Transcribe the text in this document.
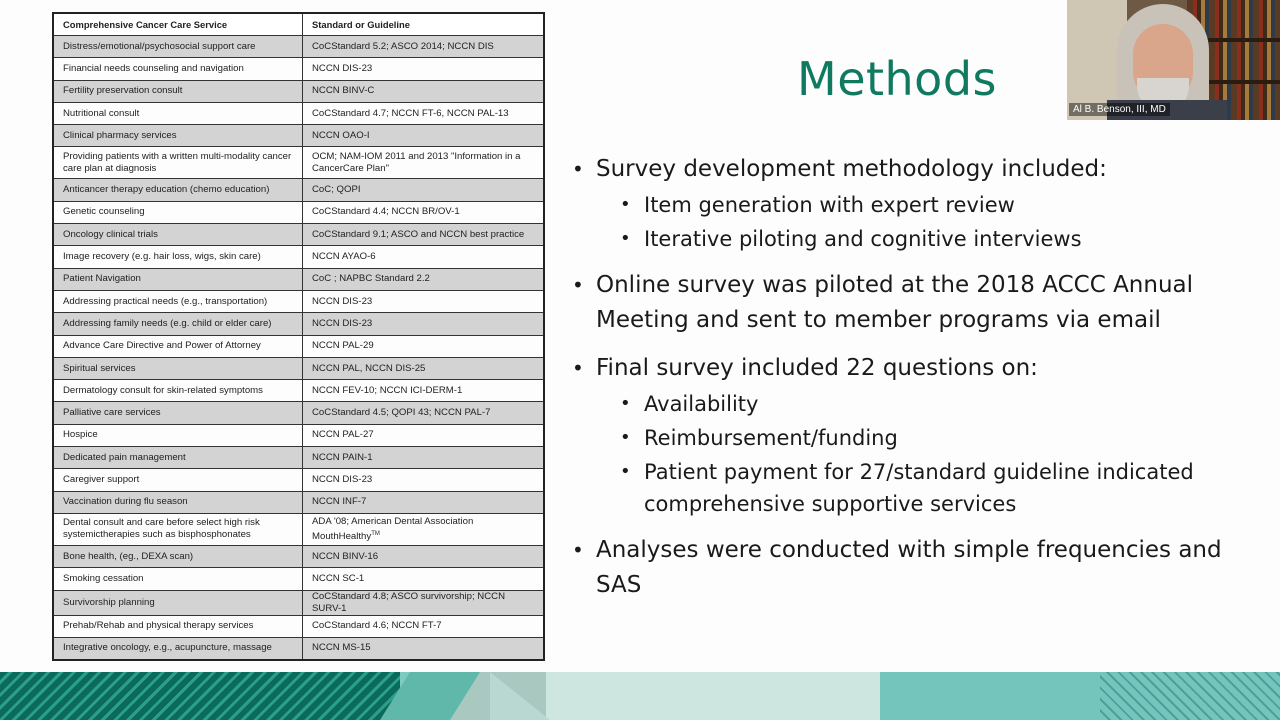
Comprehensive Cancer Care Service	Standard or Guideline
Distress/emotional/psychosocial support care	CoCStandard 5.2; ASCO 2014; NCCN DIS
Financial needs counseling and navigation	NCCN DIS-23
Fertility preservation consult	NCCN BINV-C
Nutritional consult	CoCStandard 4.7; NCCN FT-6, NCCN PAL-13
Clinical pharmacy services	NCCN OAO-I
Providing patients with a written multi-modality cancer care plan at diagnosis	OCM; NAM-IOM 2011 and 2013 "Information in a CancerCare Plan"
Anticancer therapy education (chemo education)	CoC; QOPI
Genetic counseling	CoCStandard 4.4; NCCN BR/OV-1
Oncology clinical trials	CoCStandard 9.1; ASCO and NCCN best practice
Image recovery (e.g. hair loss, wigs, skin care)	NCCN AYAO-6
Patient Navigation	CoC ; NAPBC Standard 2.2
Addressing practical needs (e.g., transportation)	NCCN DIS-23
Addressing family needs (e.g. child or elder care)	NCCN DIS-23
Advance Care Directive and Power of Attorney	NCCN PAL-29
Spiritual services	NCCN PAL, NCCN DIS-25
Dermatology consult for skin-related symptoms	NCCN FEV-10; NCCN ICI-DERM-1
Palliative care services	CoCStandard 4.5; QOPI 43; NCCN PAL-7
Hospice	NCCN PAL-27
Dedicated pain management	NCCN PAIN-1
Caregiver support	NCCN DIS-23
Vaccination during flu season	NCCN INF-7
Dental consult and care before select high risk systemictherapies such as bisphosphonates	ADA '08; American Dental Association MouthHealthy™
Bone health, (eg., DEXA scan)	NCCN BINV-16
Smoking cessation	NCCN SC-1
Survivorship planning	CoCStandard 4.8; ASCO survivorship; NCCN SURV-1
Prehab/Rehab and physical therapy services	CoCStandard 4.6; NCCN FT-7
Integrative oncology, e.g., acupuncture, massage	NCCN MS-15
Methods
• Survey development methodology included:
• Item generation with expert review
• Iterative piloting and cognitive interviews
• Online survey was piloted at the 2018 ACCC Annual Meeting and sent to member programs via email
• Final survey included 22 questions on:
• Availability
• Reimbursement/funding
• Patient payment for 27/standard guideline indicated comprehensive supportive services
• Analyses were conducted with simple frequencies and SAS
Al B. Benson, III, MD
